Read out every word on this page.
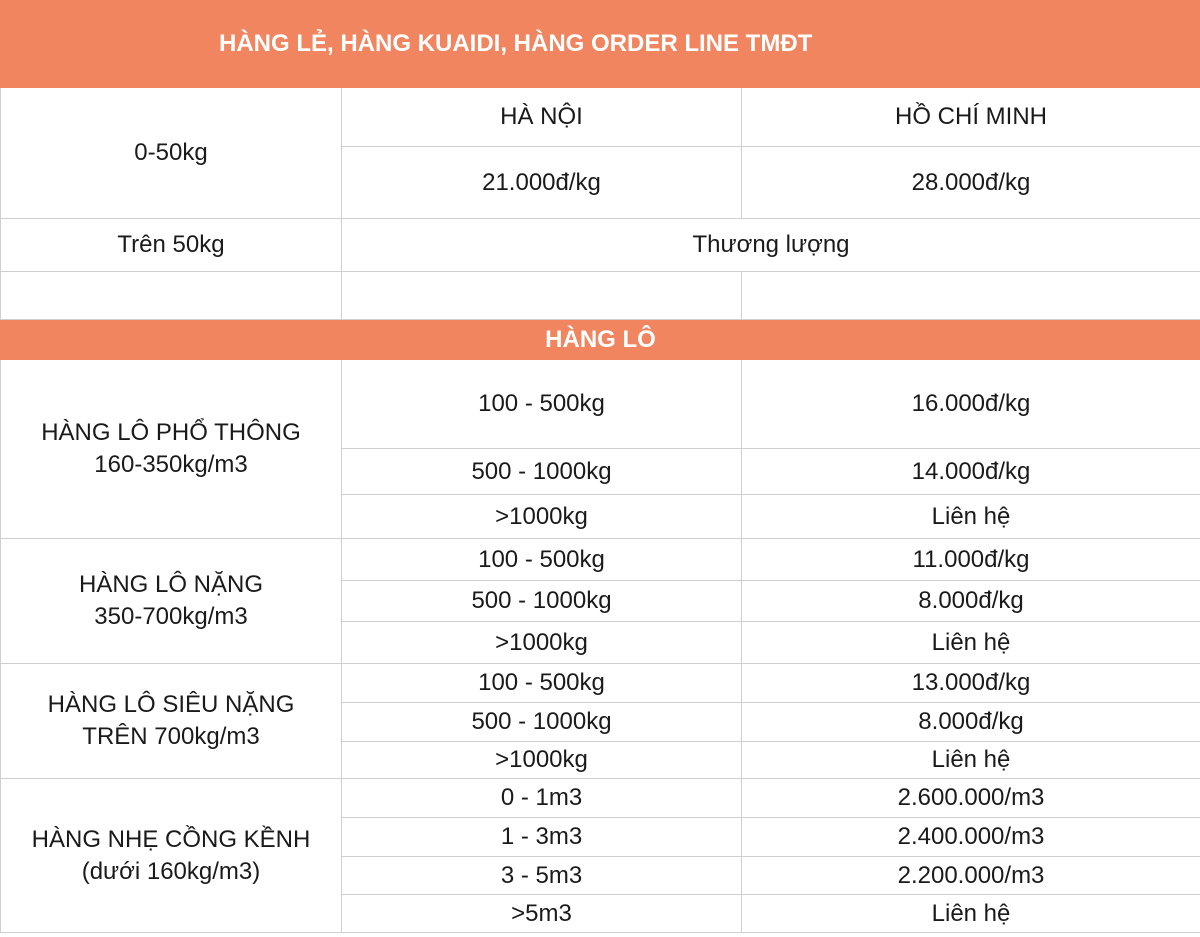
HÀNG LẺ, HÀNG KUAIDI, HÀNG ORDER LINE TMĐT		
0-50kg	HÀ NỘI	HỒ CHÍ MINH
	21.000đ/kg	28.000đ/kg
Trên 50kg	Thương lượng	

HÀNG LÔ		

HÀNG LÔ PHỔ THÔNG
160-350kg/m3	100 - 500kg	16.000đ/kg
	500 - 1000kg	14.000đ/kg
	>1000kg	Liên hệ

HÀNG LÔ NẶNG
350-700kg/m3	100 - 500kg	11.000đ/kg
	500 - 1000kg	8.000đ/kg
	>1000kg	Liên hệ

HÀNG LÔ SIÊU NẶNG
TRÊN 700kg/m3	100 - 500kg	13.000đ/kg
	500 - 1000kg	8.000đ/kg
	>1000kg	Liên hệ

HÀNG NHẸ CỒNG KỀNH
(dưới 160kg/m3)	0 - 1m3	2.600.000/m3
	1 - 3m3	2.400.000/m3
	3 - 5m3	2.200.000/m3
	>5m3	Liên hệ
